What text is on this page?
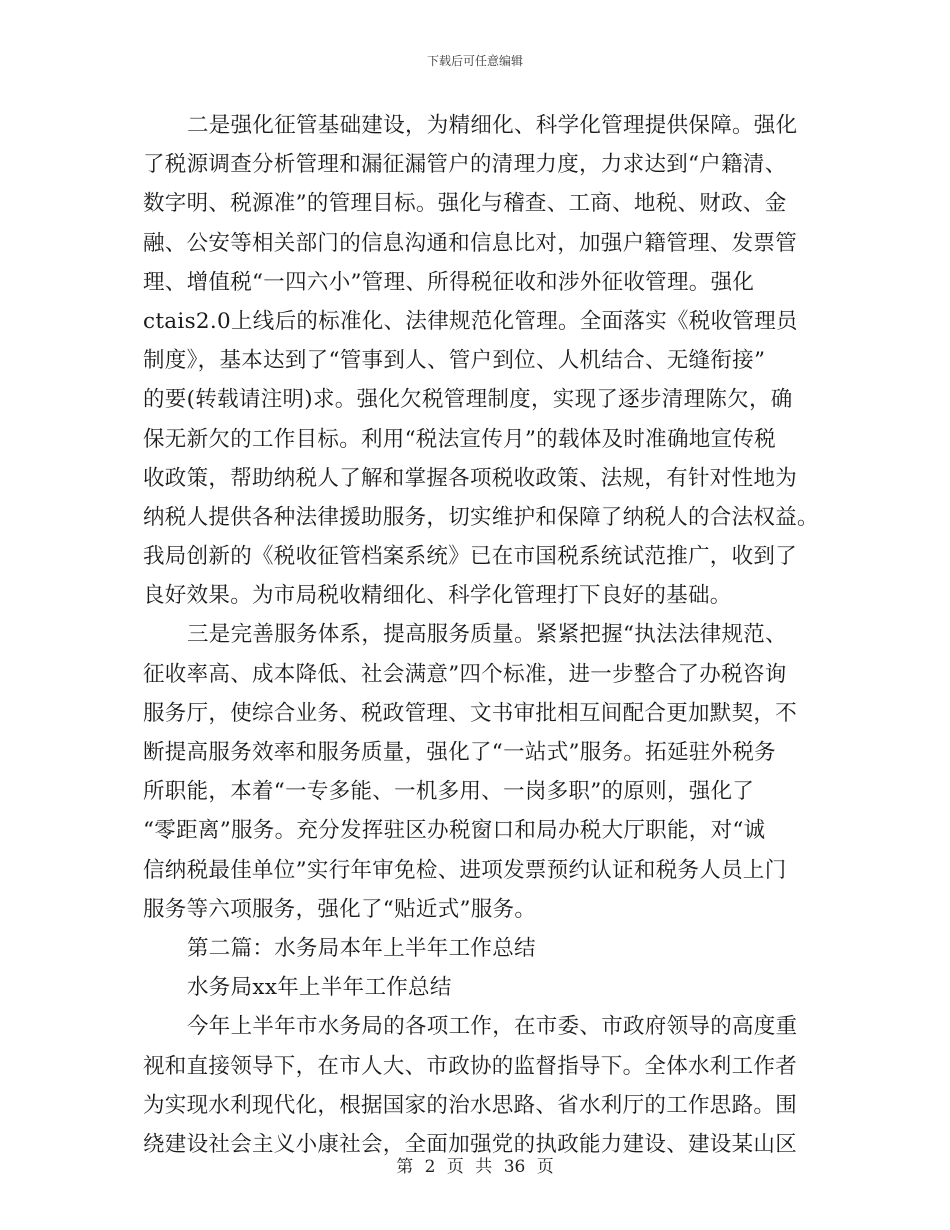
下载后可任意编辑
二是强化征管基础建设，为精细化、科学化管理提供保障。强化
了税源调查分析管理和漏征漏管户的清理力度，力求达到“户籍清、
数字明、税源准”的管理目标。强化与稽查、工商、地税、财政、金
融、公安等相关部门的信息沟通和信息比对，加强户籍管理、发票管
理、增值税“一四六小”管理、所得税征收和涉外征收管理。强化
ctais2.0上线后的标准化、法律规范化管理。全面落实《税收管理员
制度》，基本达到了“管事到人、管户到位、人机结合、无缝衔接”
的要(转载请注明)求。强化欠税管理制度，实现了逐步清理陈欠，确
保无新欠的工作目标。利用“税法宣传月”的载体及时准确地宣传税
收政策，帮助纳税人了解和掌握各项税收政策、法规，有针对性地为
纳税人提供各种法律援助服务，切实维护和保障了纳税人的合法权益。
我局创新的《税收征管档案系统》已在市国税系统试范推广，收到了
良好效果。为市局税收精细化、科学化管理打下良好的基础。
三是完善服务体系，提高服务质量。紧紧把握“执法法律规范、
征收率高、成本降低、社会满意”四个标准，进一步整合了办税咨询
服务厅，使综合业务、税政管理、文书审批相互间配合更加默契，不
断提高服务效率和服务质量，强化了“一站式”服务。拓延驻外税务
所职能，本着“一专多能、一机多用、一岗多职”的原则，强化了
“零距离”服务。充分发挥驻区办税窗口和局办税大厅职能，对“诚
信纳税最佳单位”实行年审免检、进项发票预约认证和税务人员上门
服务等六项服务，强化了“贴近式”服务。
第二篇：水务局本年上半年工作总结
水务局xx年上半年工作总结
今年上半年市水务局的各项工作，在市委、市政府领导的高度重
视和直接领导下，在市人大、市政协的监督指导下。全体水利工作者
为实现水利现代化，根据国家的治水思路、省水利厅的工作思路。围
绕建设社会主义小康社会，全面加强党的执政能力建设、建设某山区
第 2 页 共 36 页
